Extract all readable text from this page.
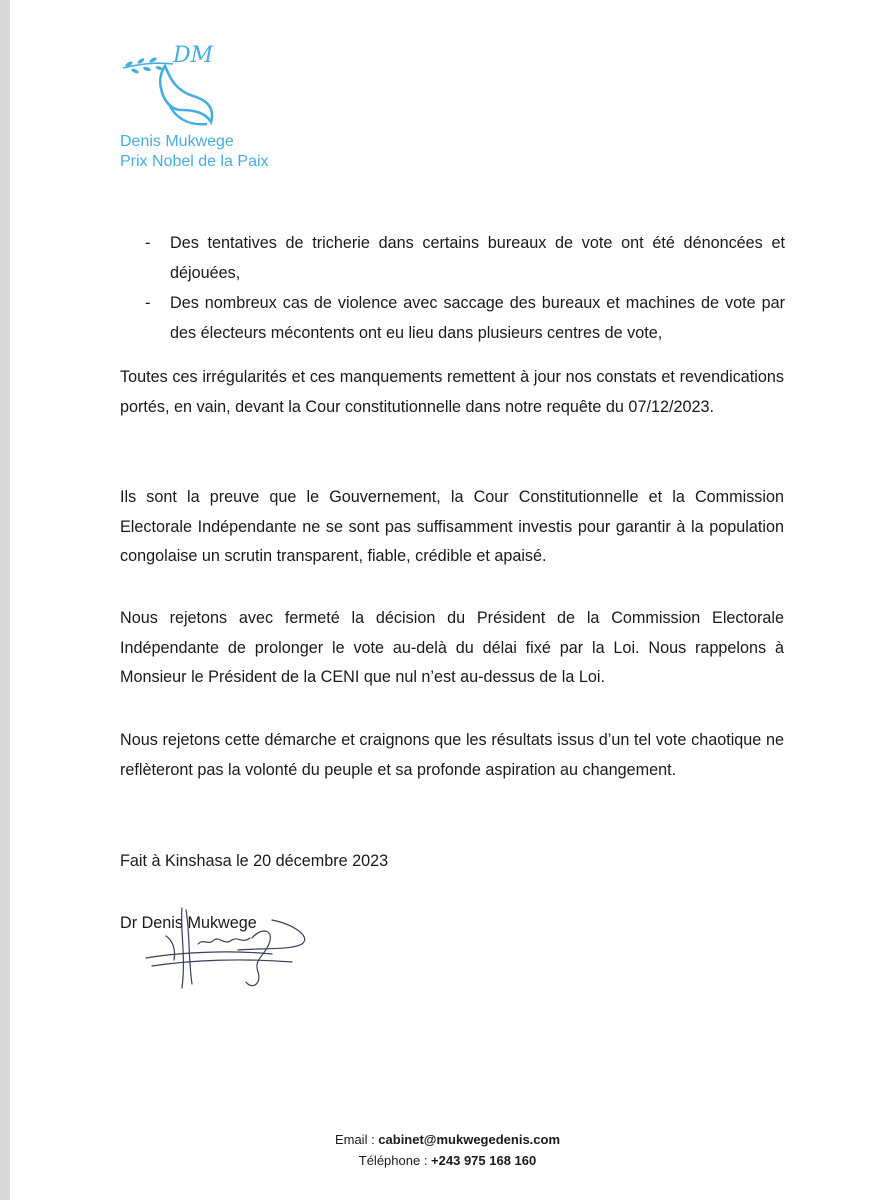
DM
Denis Mukwege
Prix Nobel de la Paix
- Des tentatives de tricherie dans certains bureaux de vote ont été dénoncées et déjouées,
- Des nombreux cas de violence avec saccage des bureaux et machines de vote par des électeurs mécontents ont eu lieu dans plusieurs centres de vote,
Toutes ces irrégularités et ces manquements remettent à jour nos constats et revendications portés, en vain, devant la Cour constitutionnelle dans notre requête du 07/12/2023.
Ils sont la preuve que le Gouvernement, la Cour Constitutionnelle et la Commission Electorale Indépendante ne se sont pas suffisamment investis pour garantir à la population congolaise un scrutin transparent, fiable, crédible et apaisé.
Nous rejetons avec fermeté la décision du Président de la Commission Electorale Indépendante de prolonger le vote au-delà du délai fixé par la Loi. Nous rappelons à Monsieur le Président de la CENI que nul n’est au-dessus de la Loi.
Nous rejetons cette démarche et craignons que les résultats issus d’un tel vote chaotique ne reflèteront pas la volonté du peuple et sa profonde aspiration au changement.
Fait à Kinshasa le 20 décembre 2023
Dr Denis Mukwege
Email : cabinet@mukwegedenis.com
Téléphone : +243 975 168 160
